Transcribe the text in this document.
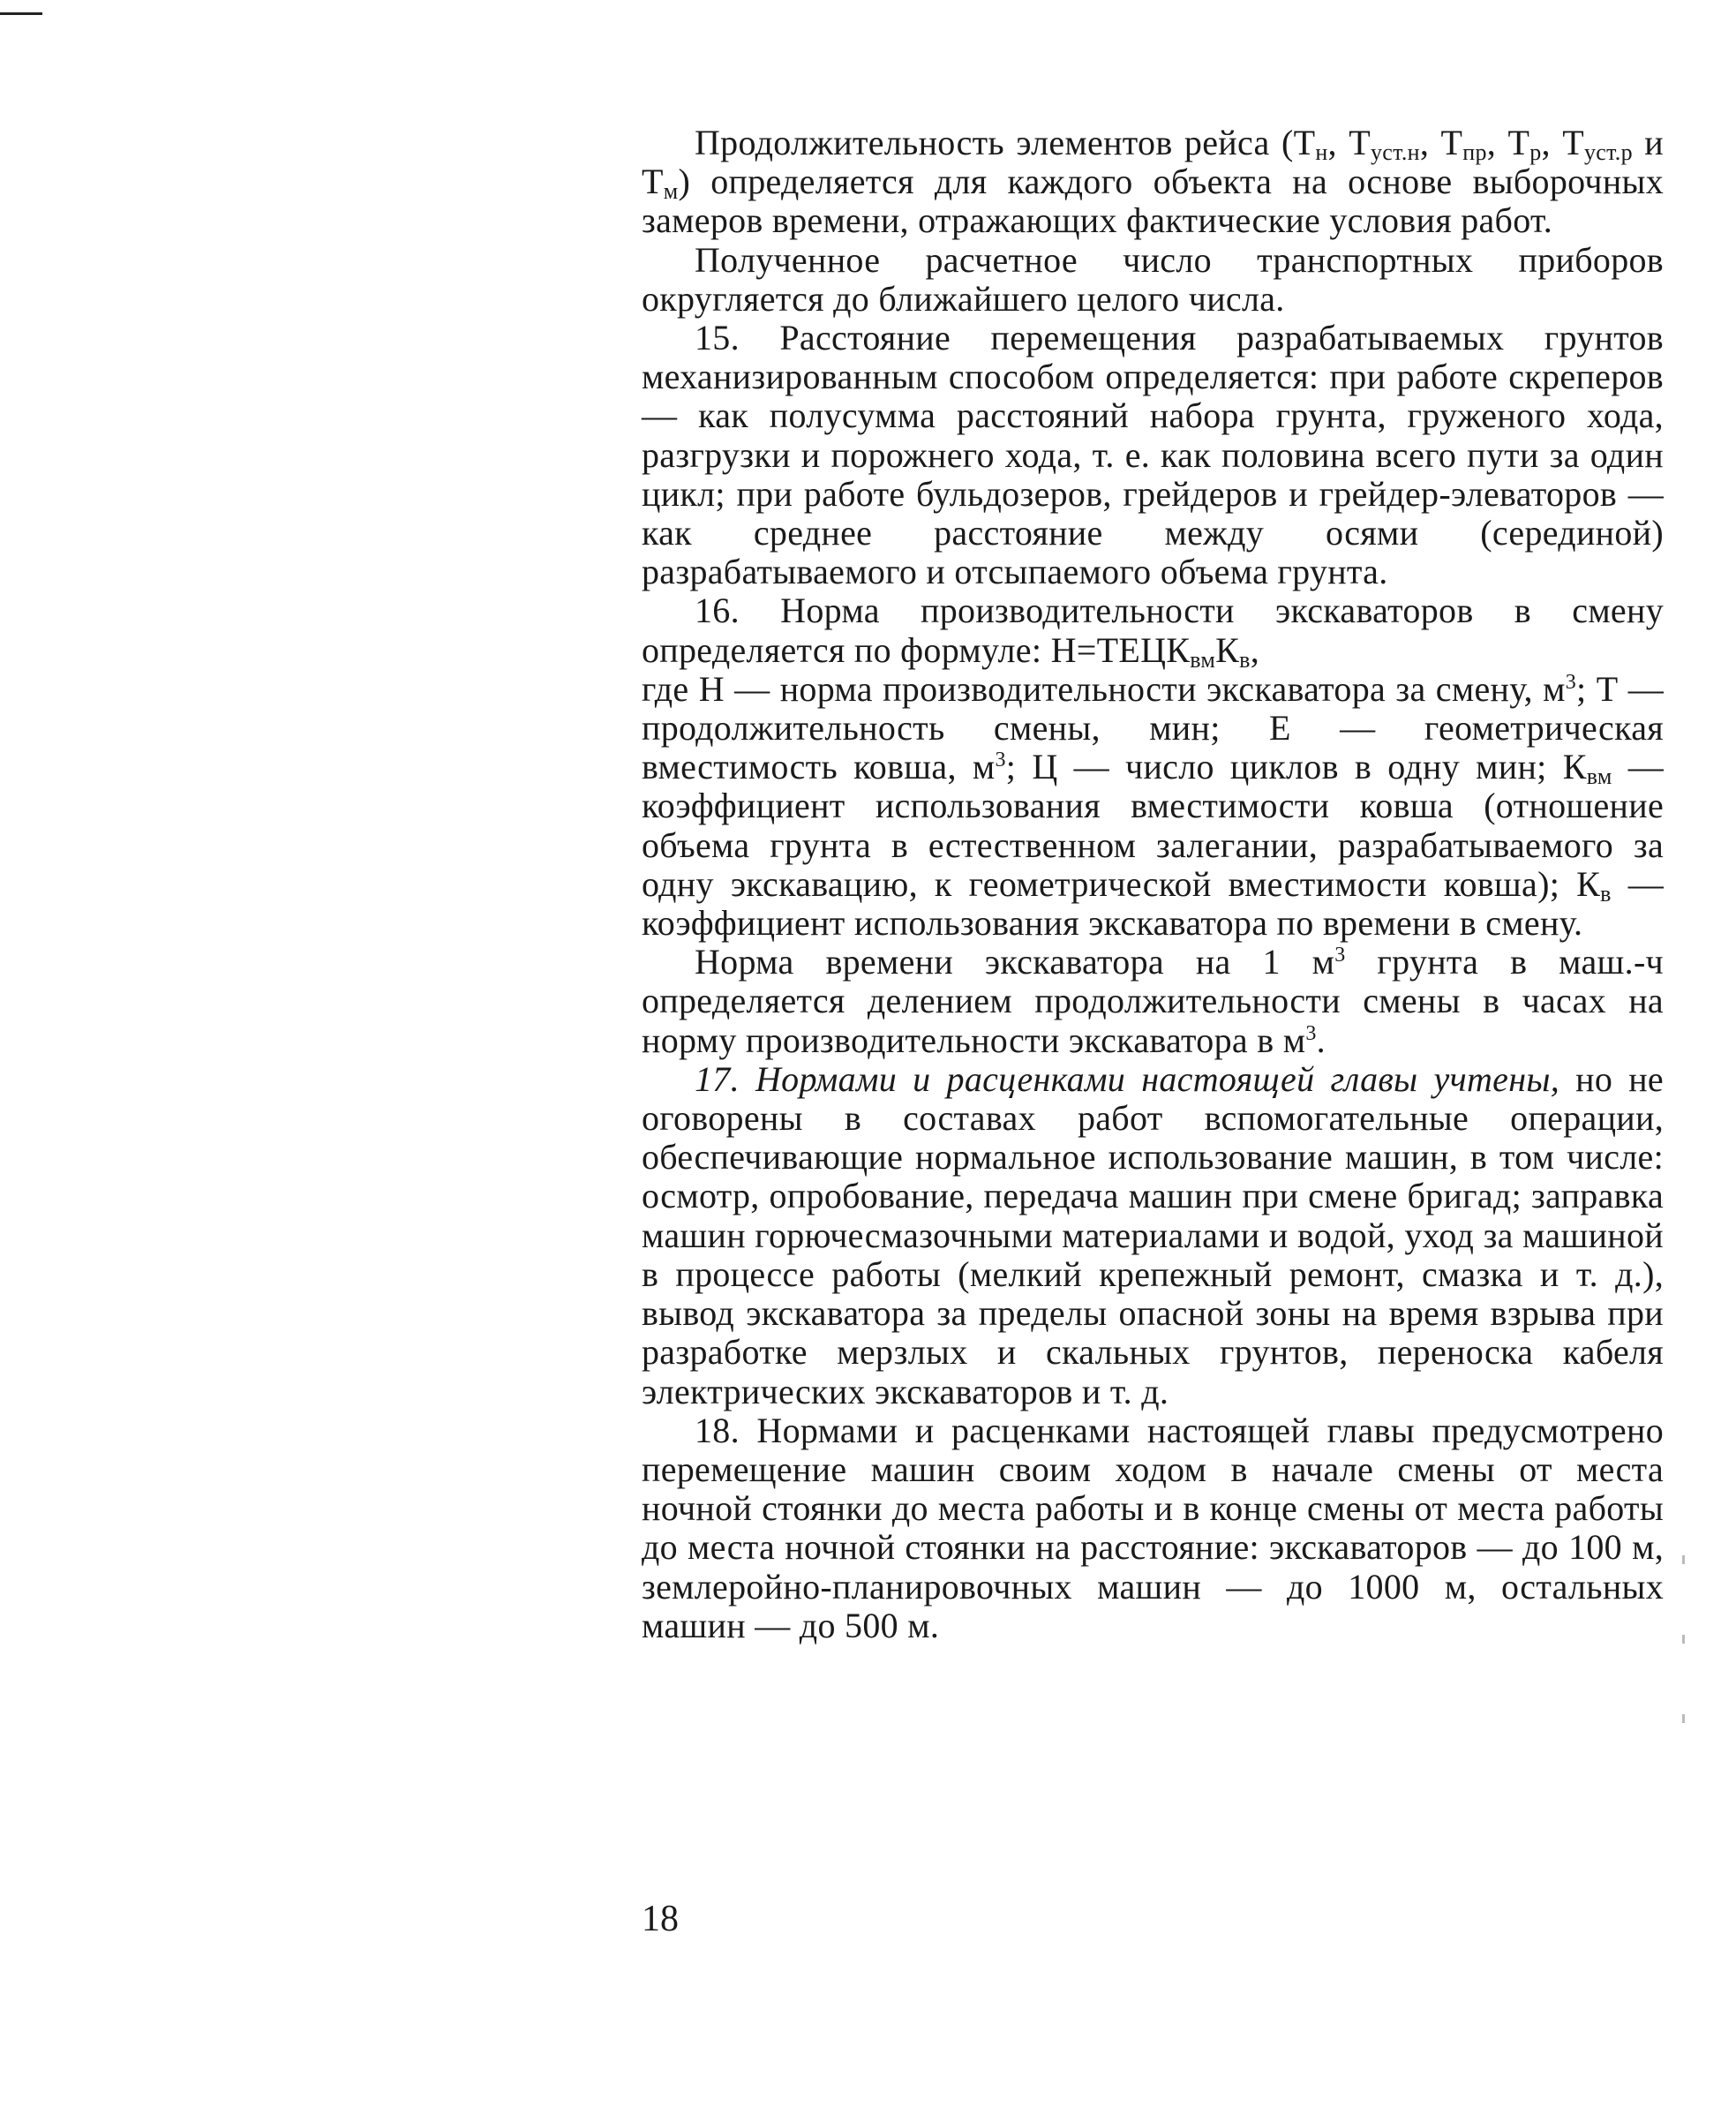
Продолжительность элементов рейса ($Т_н$, $Т_{уст.н}$, $Т_{пр}$, $Т_р$, $Т_{уст.р}$ и $Т_м$) определяется для каждого объекта на основе выборочных замеров времени, отражающих фактические условия работ.

Полученное расчетное число транспортных приборов округляется до ближайшего целого числа.

15. Расстояние перемещения разрабатываемых грунтов механизированным способом определяется: при работе скреперов — как полусумма расстояний набора грунта, груженого хода, разгрузки и порожнего хода, т. е. как половина всего пути за один цикл; при работе бульдозеров, грейдеров и грейдер-элеваторов — как среднее расстояние между осями (серединой) разрабатываемого и отсыпаемого объема грунта.

16. Норма производительности экскаваторов в смену определяется по формуле: $Н=ТЕЦК_{вм}К_в$,

где Н — норма производительности экскаватора за смену, $м^3$; Т — продолжительность смены, мин; Е — геометрическая вместимость ковша, $м^3$; Ц — число циклов в одну мин; $К_{вм}$ — коэффициент использования вместимости ковша (отношение объема грунта в естественном залегании, разрабатываемого за одну экскавацию, к геометрической вместимости ковша); $К_в$ — коэффициент использования экскаватора по времени в смену.

Норма времени экскаватора на 1 $м^3$ грунта в маш.-ч определяется делением продолжительности смены в часах на норму производительности экскаватора в $м^3$.

17. Нормами и расценками настоящей главы учтены, но не оговорены в составах работ вспомогательные операции, обеспечивающие нормальное использование машин, в том числе: осмотр, опробование, передача машин при смене бригад; заправка машин горючесмазочными материалами и водой, уход за машиной в процессе работы (мелкий крепежный ремонт, смазка и т. д.), вывод экскаватора за пределы опасной зоны на время взрыва при разработке мерзлых и скальных грунтов, переноска кабеля электрических экскаваторов и т. д.

18. Нормами и расценками настоящей главы предусмотрено перемещение машин своим ходом в начале смены от места ночной стоянки до места работы и в конце смены от места работы до места ночной стоянки на расстояние: экскаваторов — до 100 м, землеройно-планировочных машин — до 1000 м, остальных машин — до 500 м.

18
